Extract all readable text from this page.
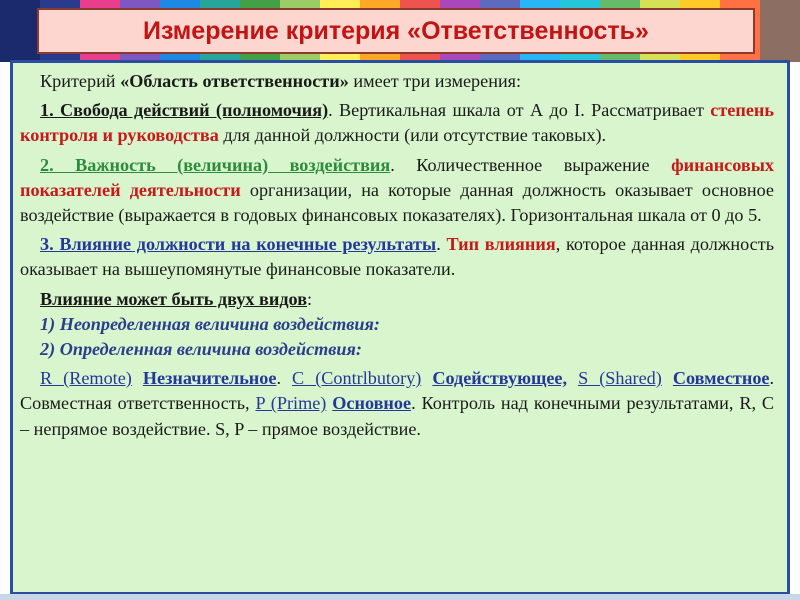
Измерение критерия «Ответственность»

Критерий «Область ответственности» имеет три измерения:

1. Свобода действий (полномочия). Вертикальная шкала от А до I. Рассматривает степень контроля и руководства для данной должности (или отсутствие таковых).

2. Важность (величина) воздействия. Количественное выражение финансовых показателей деятельности организации, на которые данная должность оказывает основное воздействие (выражается в годовых финансовых показателях). Горизонтальная шкала от 0 до 5.

3. Влияние должности на конечные результаты. Тип влияния, которое данная должность оказывает на вышеупомянутые финансовые показатели.

Влияние может быть двух видов:

1) Неопределенная величина воздействия:

2) Определенная величина воздействия:

R (Remote) Незначительное. C (Contrlbutory) Содействующее, S (Shared) Совместное. Совместная ответственность, P (Prime) Основное. Контроль над конечными результатами, R, C – непрямое воздействие. S, P – прямое воздействие.
